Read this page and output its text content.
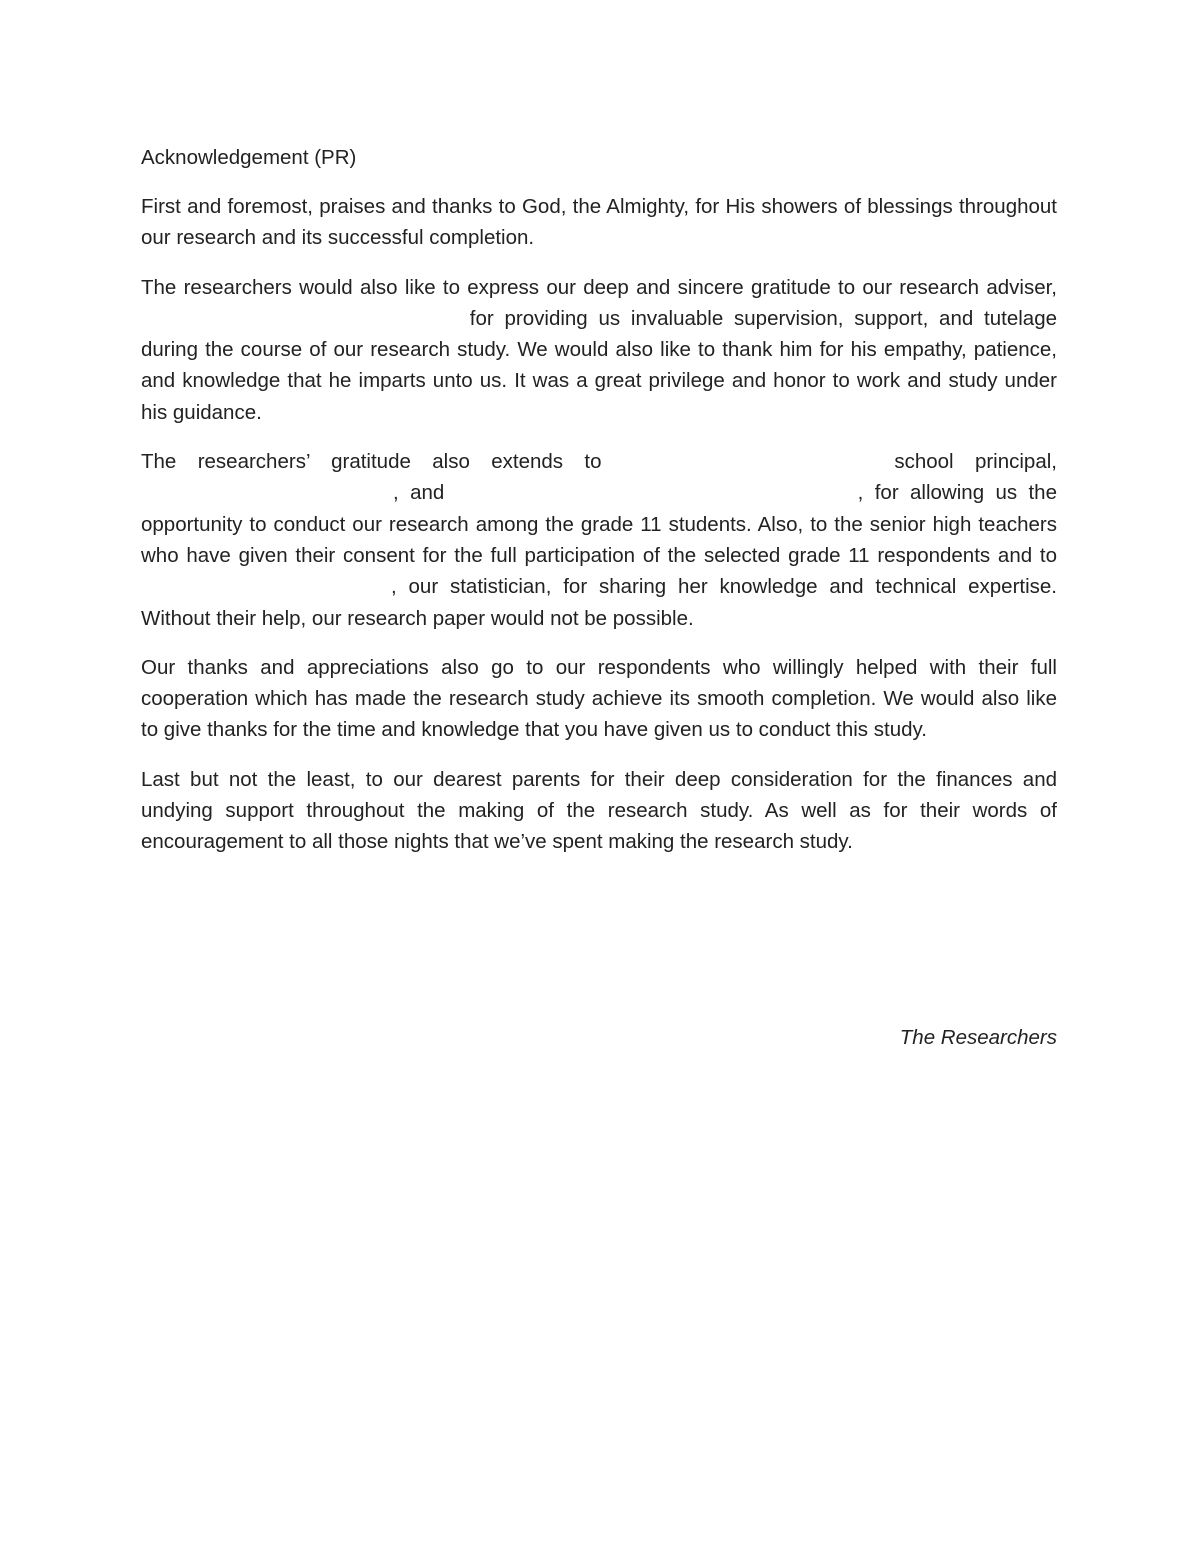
Acknowledgement (PR)

First and foremost, praises and thanks to God, the Almighty, for His showers of blessings throughout our research and its successful completion.

The researchers would also like to express our deep and sincere gratitude to our research adviser,  for providing us invaluable supervision, support, and tutelage during the course of our research study. We would also like to thank him for his empathy, patience, and knowledge that he imparts unto us. It was a great privilege and honor to work and study under his guidance.

The researchers’ gratitude also extends to	school principal, , and	, for allowing us the opportunity to conduct our research among the grade 11 students. Also, to the senior high teachers who have given their consent for the full participation of the selected grade 11 respondents and to , our statistician, for sharing her knowledge and technical expertise. Without their help, our research paper would not be possible.

Our thanks and appreciations also go to our respondents who willingly helped with their full cooperation which has made the research study achieve its smooth completion. We would also like to give thanks for the time and knowledge that you have given us to conduct this study.

Last but not the least, to our dearest parents for their deep consideration for the finances and undying support throughout the making of the research study. As well as for their words of encouragement to all those nights that we’ve spent making the research study.

The Researchers
